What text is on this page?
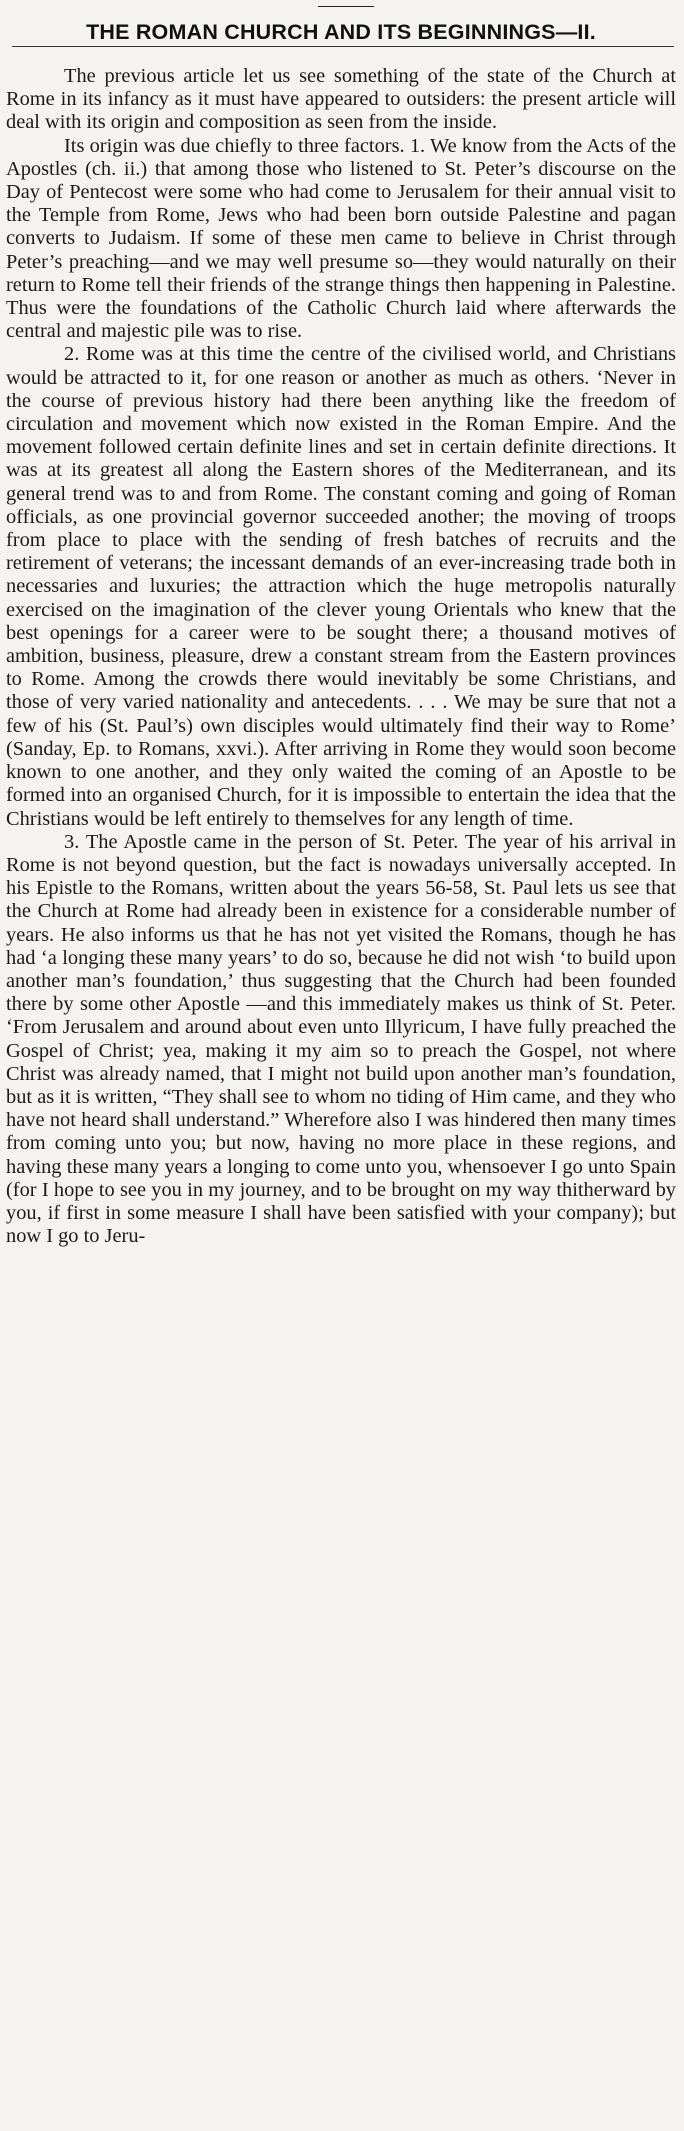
THE ROMAN CHURCH AND ITS BEGINNINGS—II.

The previous article let us see something of the state of the Church at Rome in its infancy as it must have appeared to outsiders: the present article will deal with its origin and composition as seen from the inside.

Its origin was due chiefly to three factors. 1. We know from the Acts of the Apostles (ch. ii.) that among those who listened to St. Peter’s discourse on the Day of Pentecost were some who had come to Jerusalem for their annual visit to the Temple from Rome, Jews who had been born outside Palestine and pagan converts to Judaism. If some of these men came to believe in Christ through Peter’s preaching—and we may well presume so—they would naturally on their return to Rome tell their friends of the strange things then happening in Palestine. Thus were the foundations of the Catholic Church laid where afterwards the central and majestic pile was to rise.

2. Rome was at this time the centre of the civilised world, and Christians would be attracted to it, for one reason or another as much as others. ‘Never in the course of previous history had there been anything like the freedom of circulation and movement which now existed in the Roman Empire. And the movement followed certain definite lines and set in certain definite directions. It was at its greatest all along the Eastern shores of the Mediterranean, and its general trend was to and from Rome. The constant coming and going of Roman officials, as one provincial governor succeeded another; the moving of troops from place to place with the sending of fresh batches of recruits and the retirement of veterans; the incessant demands of an ever-increasing trade both in necessaries and luxuries; the attraction which the huge metropolis naturally exercised on the imagination of the clever young Orientals who knew that the best openings for a career were to be sought there; a thousand motives of ambition, business, pleasure, drew a constant stream from the Eastern provinces to Rome. Among the crowds there would inevitably be some Christians, and those of very varied nationality and antecedents. . . . We may be sure that not a few of his (St. Paul’s) own disciples would ultimately find their way to Rome’ (Sanday, Ep. to Romans, xxvi.). After arriving in Rome they would soon become known to one another, and they only waited the coming of an Apostle to be formed into an organised Church, for it is impossible to entertain the idea that the Christians would be left entirely to themselves for any length of time.

3. The Apostle came in the person of St. Peter. The year of his arrival in Rome is not beyond question, but the fact is nowadays universally accepted. In his Epistle to the Romans, written about the years 56-58, St. Paul lets us see that the Church at Rome had already been in existence for a considerable number of years. He also informs us that he has not yet visited the Romans, though he has had ‘a longing these many years’ to do so, because he did not wish ‘to build upon another man’s foundation,’ thus suggesting that the Church had been founded there by some other Apostle —and this immediately makes us think of St. Peter. ‘From Jerusalem and around about even unto Illyricum, I have fully preached the Gospel of Christ; yea, making it my aim so to preach the Gospel, not where Christ was already named, that I might not build upon another man’s foundation, but as it is written, “They shall see to whom no tiding of Him came, and they who have not heard shall understand.” Wherefore also I was hindered then many times from coming unto you; but now, having no more place in these regions, and having these many years a longing to come unto you, whensoever I go unto Spain (for I hope to see you in my journey, and to be brought on my way thitherward by you, if first in some measure I shall have been satisfied with your company); but now I go to Jeru-
